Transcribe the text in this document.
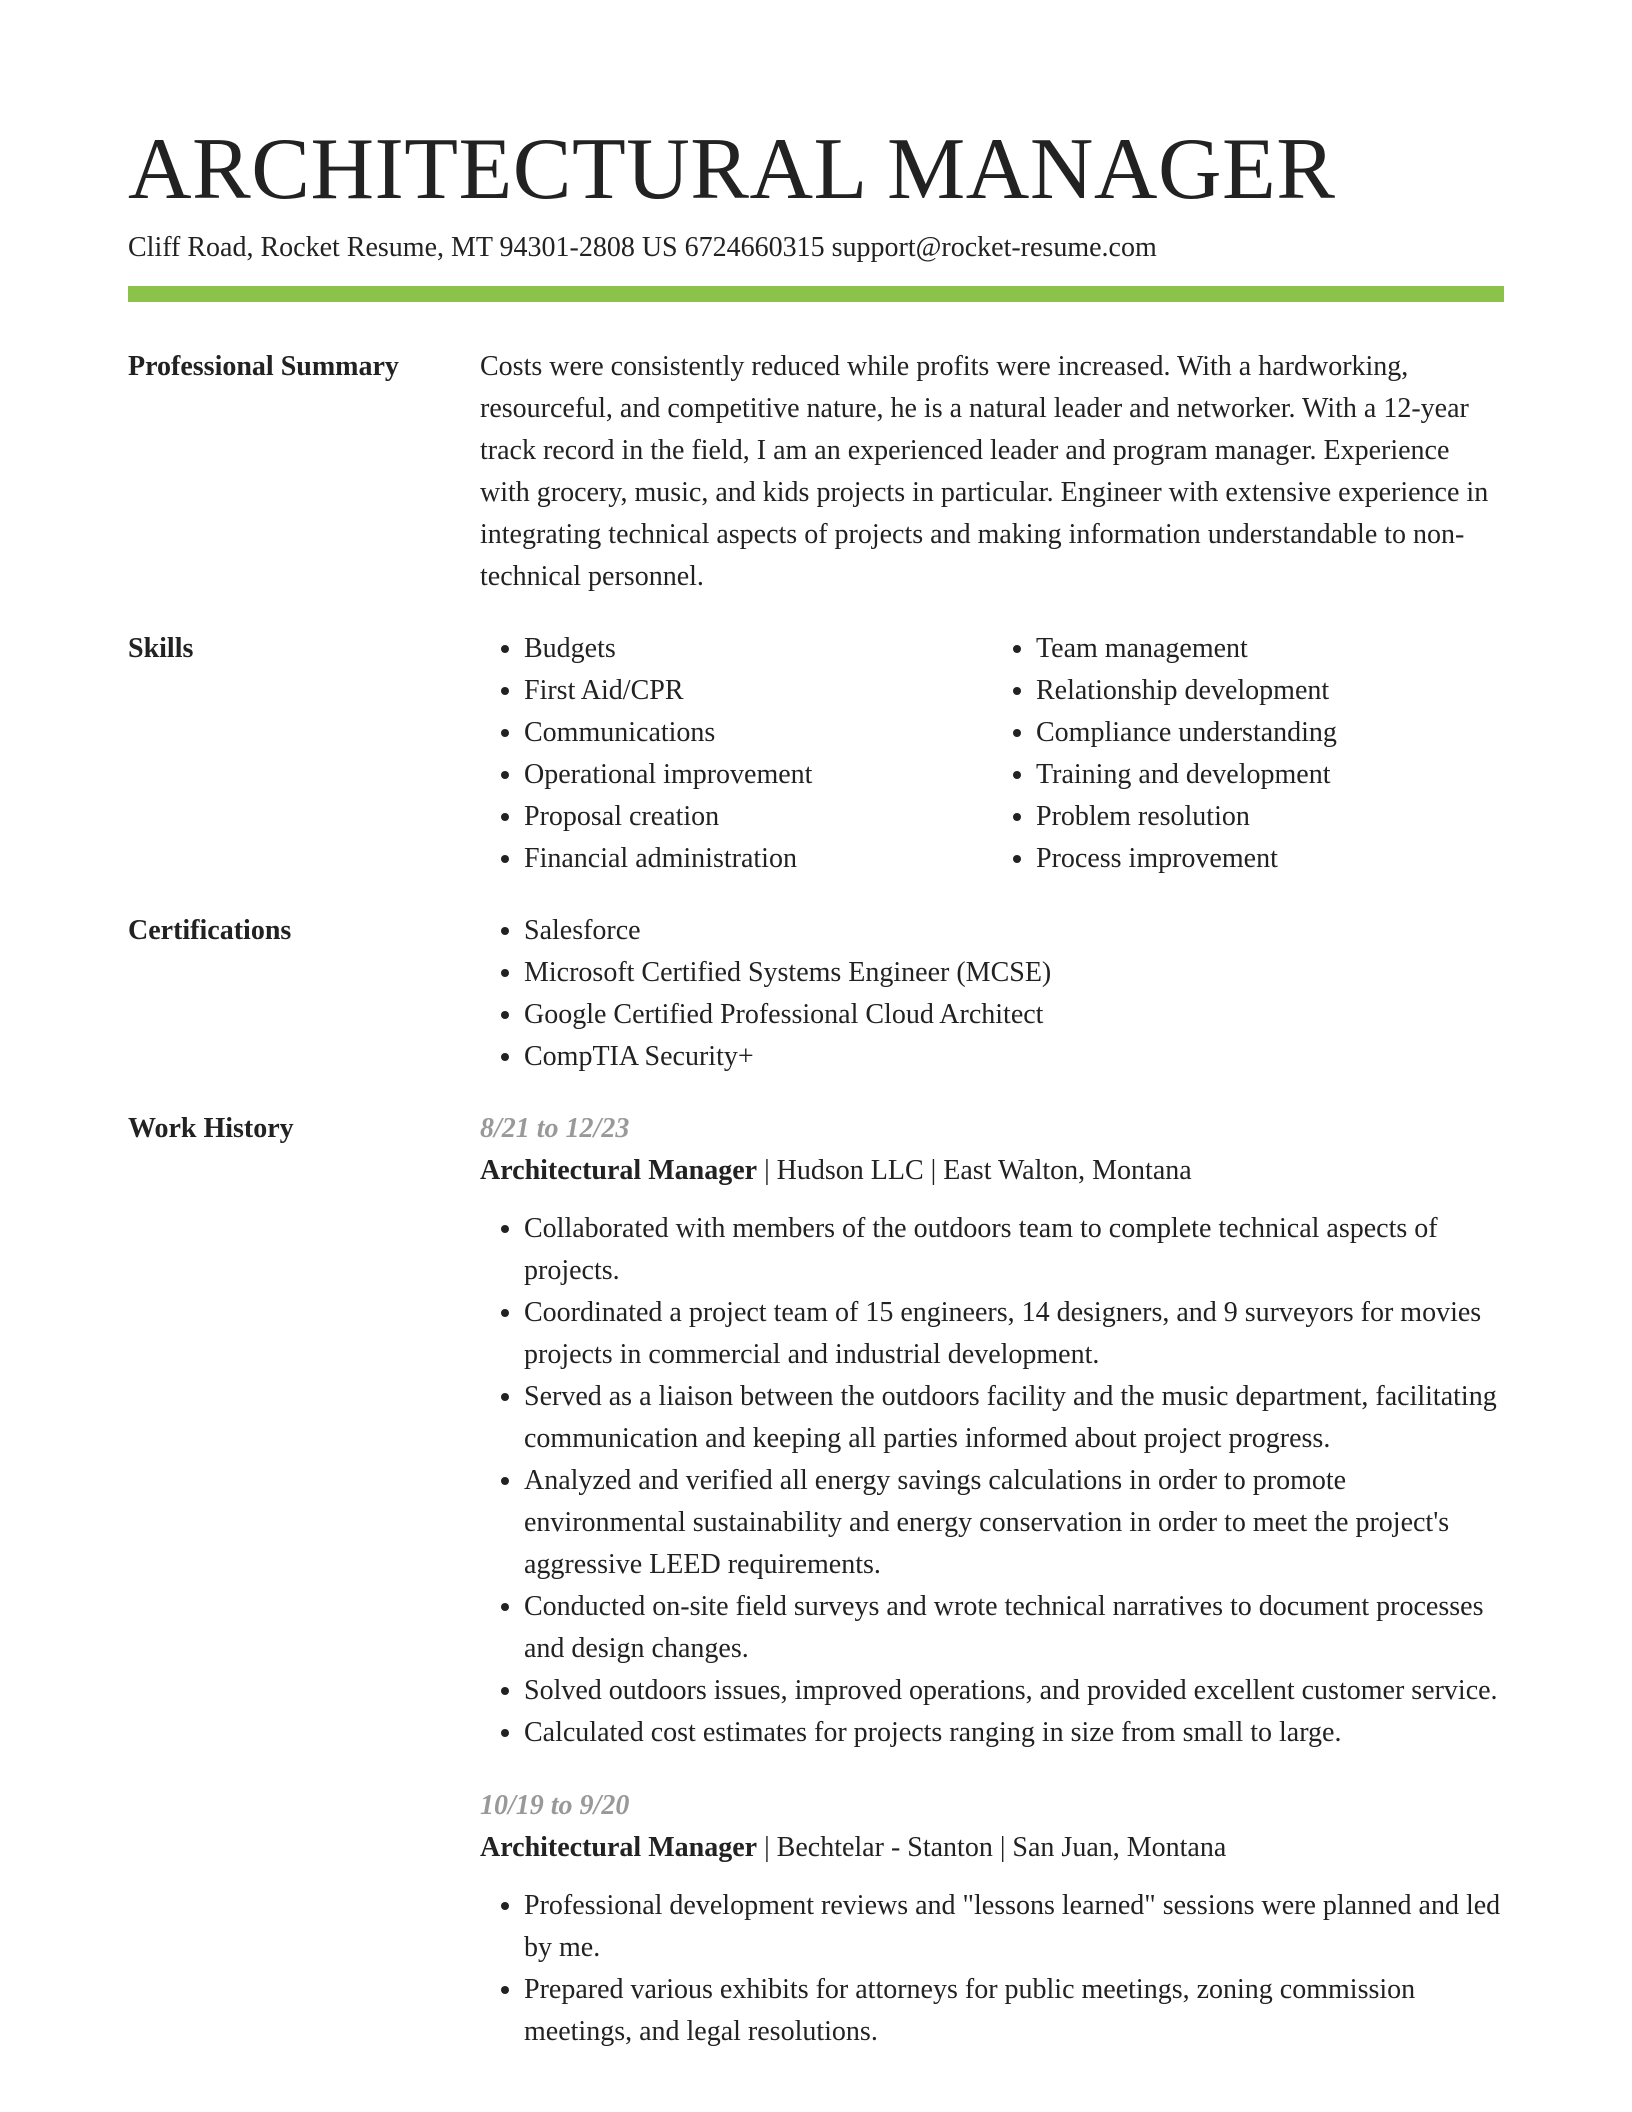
ARCHITECTURAL MANAGER
Cliff Road, Rocket Resume, MT 94301-2808 US 6724660315 support@rocket-resume.com
Professional Summary	Costs were consistently reduced while profits were increased. With a hardworking, resourceful, and competitive nature, he is a natural leader and networker. With a 12-year track record in the field, I am an experienced leader and program manager. Experience with grocery, music, and kids projects in particular. Engineer with extensive experience in integrating technical aspects of projects and making information understandable to non-technical personnel.

Skills	• Budgets
• First Aid/CPR
• Communications
• Operational improvement
• Proposal creation
• Financial administration
• Team management
• Relationship development
• Compliance understanding
• Training and development
• Problem resolution
• Process improvement
Certifications	• Salesforce
• Microsoft Certified Systems Engineer (MCSE)
• Google Certified Professional Cloud Architect
• CompTIA Security+
Work History	8/21 to 12/23
Architectural Manager | Hudson LLC | East Walton, Montana
• Collaborated with members of the outdoors team to complete technical aspects of projects.
• Coordinated a project team of 15 engineers, 14 designers, and 9 surveyors for movies projects in commercial and industrial development.
• Served as a liaison between the outdoors facility and the music department, facilitating communication and keeping all parties informed about project progress.
• Analyzed and verified all energy savings calculations in order to promote environmental sustainability and energy conservation in order to meet the project's aggressive LEED requirements.
• Conducted on-site field surveys and wrote technical narratives to document processes and design changes.
• Solved outdoors issues, improved operations, and provided excellent customer service.
• Calculated cost estimates for projects ranging in size from small to large.
10/19 to 9/20
Architectural Manager | Bechtelar - Stanton | San Juan, Montana
• Professional development reviews and "lessons learned" sessions were planned and led by me.
• Prepared various exhibits for attorneys for public meetings, zoning commission meetings, and legal resolutions.
